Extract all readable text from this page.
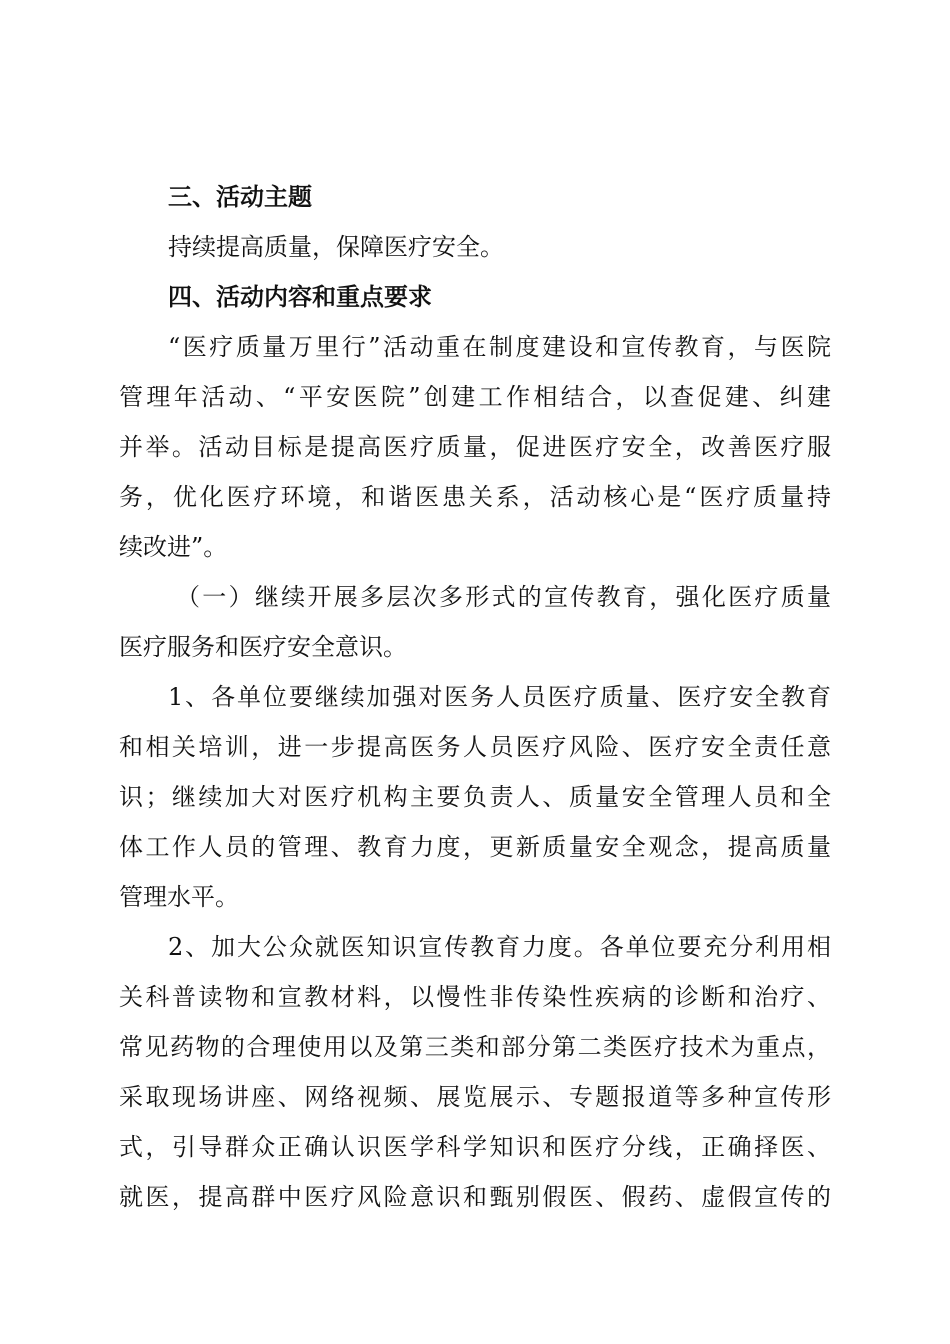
三、活动主题
持续提高质量，保障医疗安全。
四、活动内容和重点要求
“医疗质量万里行”活动重在制度建设和宣传教育，与医院
管理年活动、“平安医院”创建工作相结合，以查促建、纠建
并举。活动目标是提高医疗质量，促进医疗安全，改善医疗服
务，优化医疗环境，和谐医患关系，活动核心是“医疗质量持
续改进”。
（一）继续开展多层次多形式的宣传教育，强化医疗质量
医疗服务和医疗安全意识。
1、各单位要继续加强对医务人员医疗质量、医疗安全教育
和相关培训，进一步提高医务人员医疗风险、医疗安全责任意
识；继续加大对医疗机构主要负责人、质量安全管理人员和全
体工作人员的管理、教育力度，更新质量安全观念，提高质量
管理水平。
2、加大公众就医知识宣传教育力度。各单位要充分利用相
关科普读物和宣教材料，以慢性非传染性疾病的诊断和治疗、
常见药物的合理使用以及第三类和部分第二类医疗技术为重点，
采取现场讲座、网络视频、展览展示、专题报道等多种宣传形
式，引导群众正确认识医学科学知识和医疗分线，正确择医、
就医，提高群中医疗风险意识和甄别假医、假药、虚假宣传的
